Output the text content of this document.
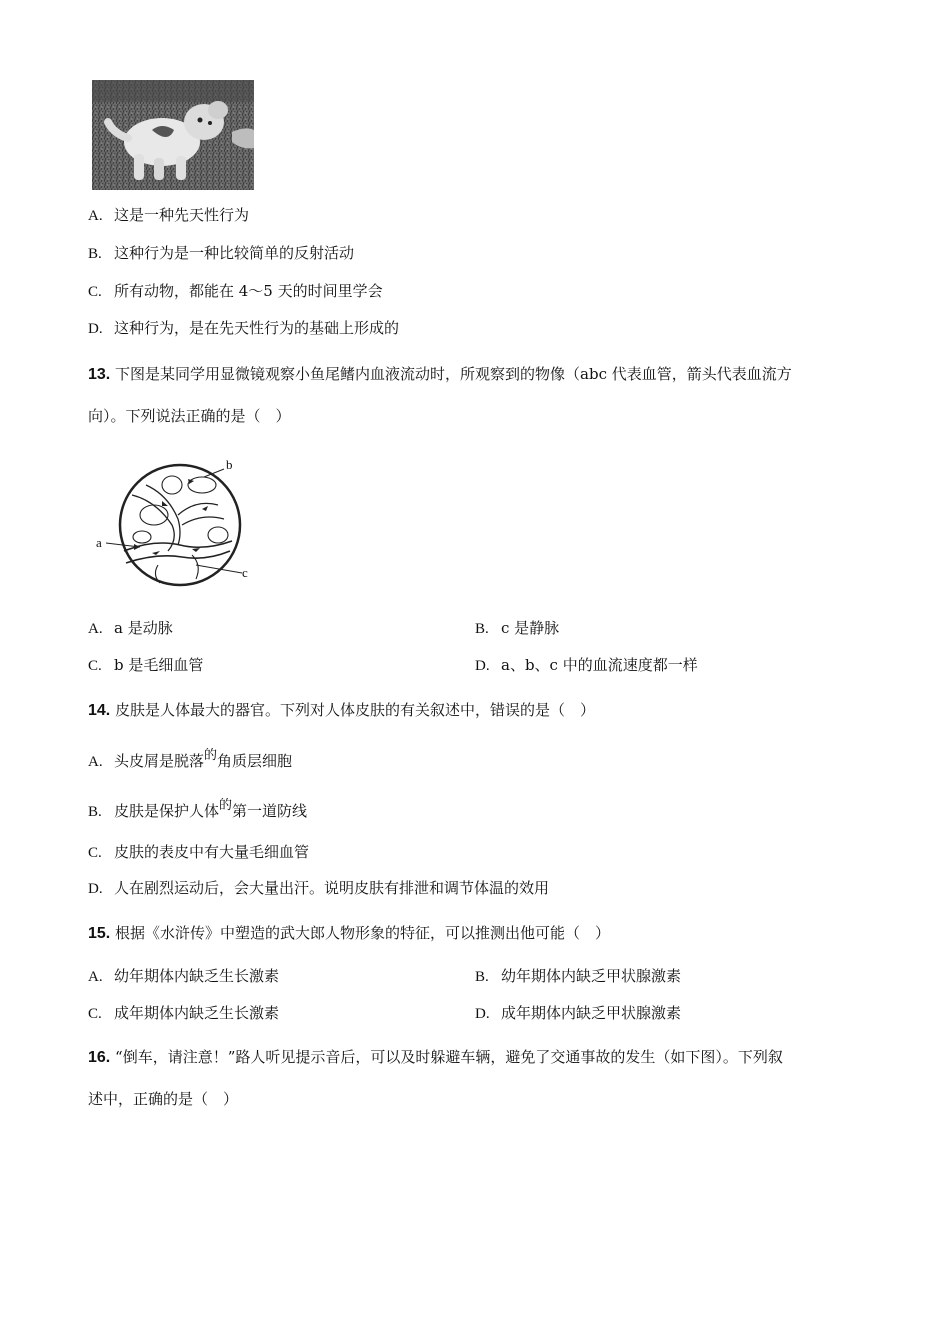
A. 这是一种先天性行为
B. 这种行为是一种比较简单的反射活动
C. 所有动物，都能在 4～5 天的时间里学会
D. 这种行为，是在先天性行为的基础上形成的
13. 下图是某同学用显微镜观察小鱼尾鳍内血液流动时，所观察到的物像（abc 代表血管，箭头代表血流方
向）。下列说法正确的是（　）
a
b
c
A. a 是动脉	B. c 是静脉
C. b 是毛细血管	D. a、b、c 中的血流速度都一样
14. 皮肤是人体最大的器官。下列对人体皮肤的有关叙述中，错误的是（　）
A. 头皮屑是脱落的角质层细胞
B. 皮肤是保护人体的第一道防线
C. 皮肤的表皮中有大量毛细血管
D. 人在剧烈运动后，会大量出汗。说明皮肤有排泄和调节体温的效用
15. 根据《水浒传》中塑造的武大郎人物形象的特征，可以推测出他可能（　）
A. 幼年期体内缺乏生长激素	B. 幼年期体内缺乏甲状腺激素
C. 成年期体内缺乏生长激素	D. 成年期体内缺乏甲状腺激素
16. “倒车，请注意！”路人听见提示音后，可以及时躲避车辆，避免了交通事故的发生（如下图）。下列叙
述中，正确的是（　）
